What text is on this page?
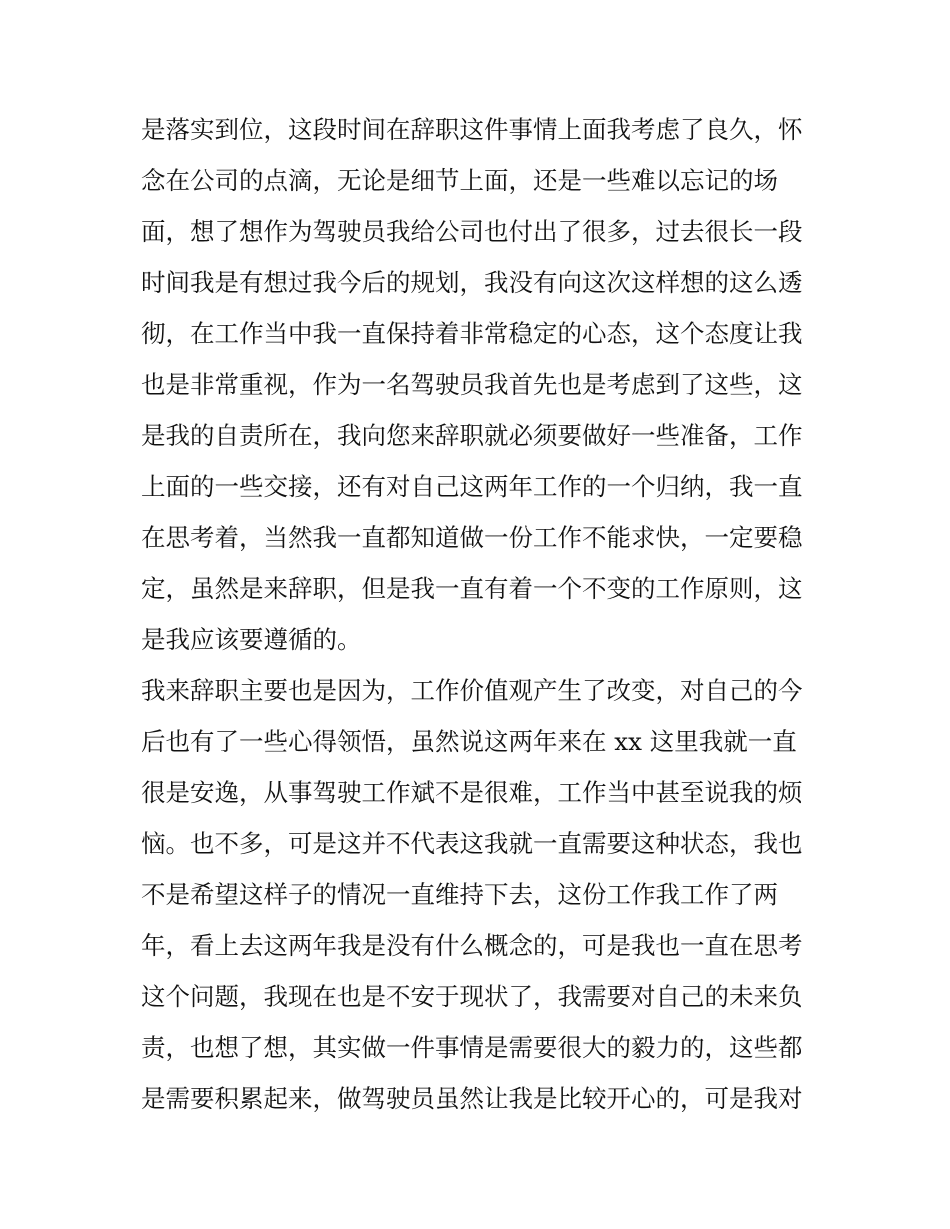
是落实到位，这段时间在辞职这件事情上面我考虑了良久，怀
念在公司的点滴，无论是细节上面，还是一些难以忘记的场
面，想了想作为驾驶员我给公司也付出了很多，过去很长一段
时间我是有想过我今后的规划，我没有向这次这样想的这么透
彻，在工作当中我一直保持着非常稳定的心态，这个态度让我
也是非常重视，作为一名驾驶员我首先也是考虑到了这些，这
是我的自责所在，我向您来辞职就必须要做好一些准备，工作
上面的一些交接，还有对自己这两年工作的一个归纳，我一直
在思考着，当然我一直都知道做一份工作不能求快，一定要稳
定，虽然是来辞职，但是我一直有着一个不变的工作原则，这
是我应该要遵循的。
我来辞职主要也是因为，工作价值观产生了改变，对自己的今
后也有了一些心得领悟，虽然说这两年来在 xx 这里我就一直
很是安逸，从事驾驶工作斌不是很难，工作当中甚至说我的烦
恼。也不多，可是这并不代表这我就一直需要这种状态，我也
不是希望这样子的情况一直维持下去，这份工作我工作了两
年，看上去这两年我是没有什么概念的，可是我也一直在思考
这个问题，我现在也是不安于现状了，我需要对自己的未来负
责，也想了想，其实做一件事情是需要很大的毅力的，这些都
是需要积累起来，做驾驶员虽然让我是比较开心的，可是我对
